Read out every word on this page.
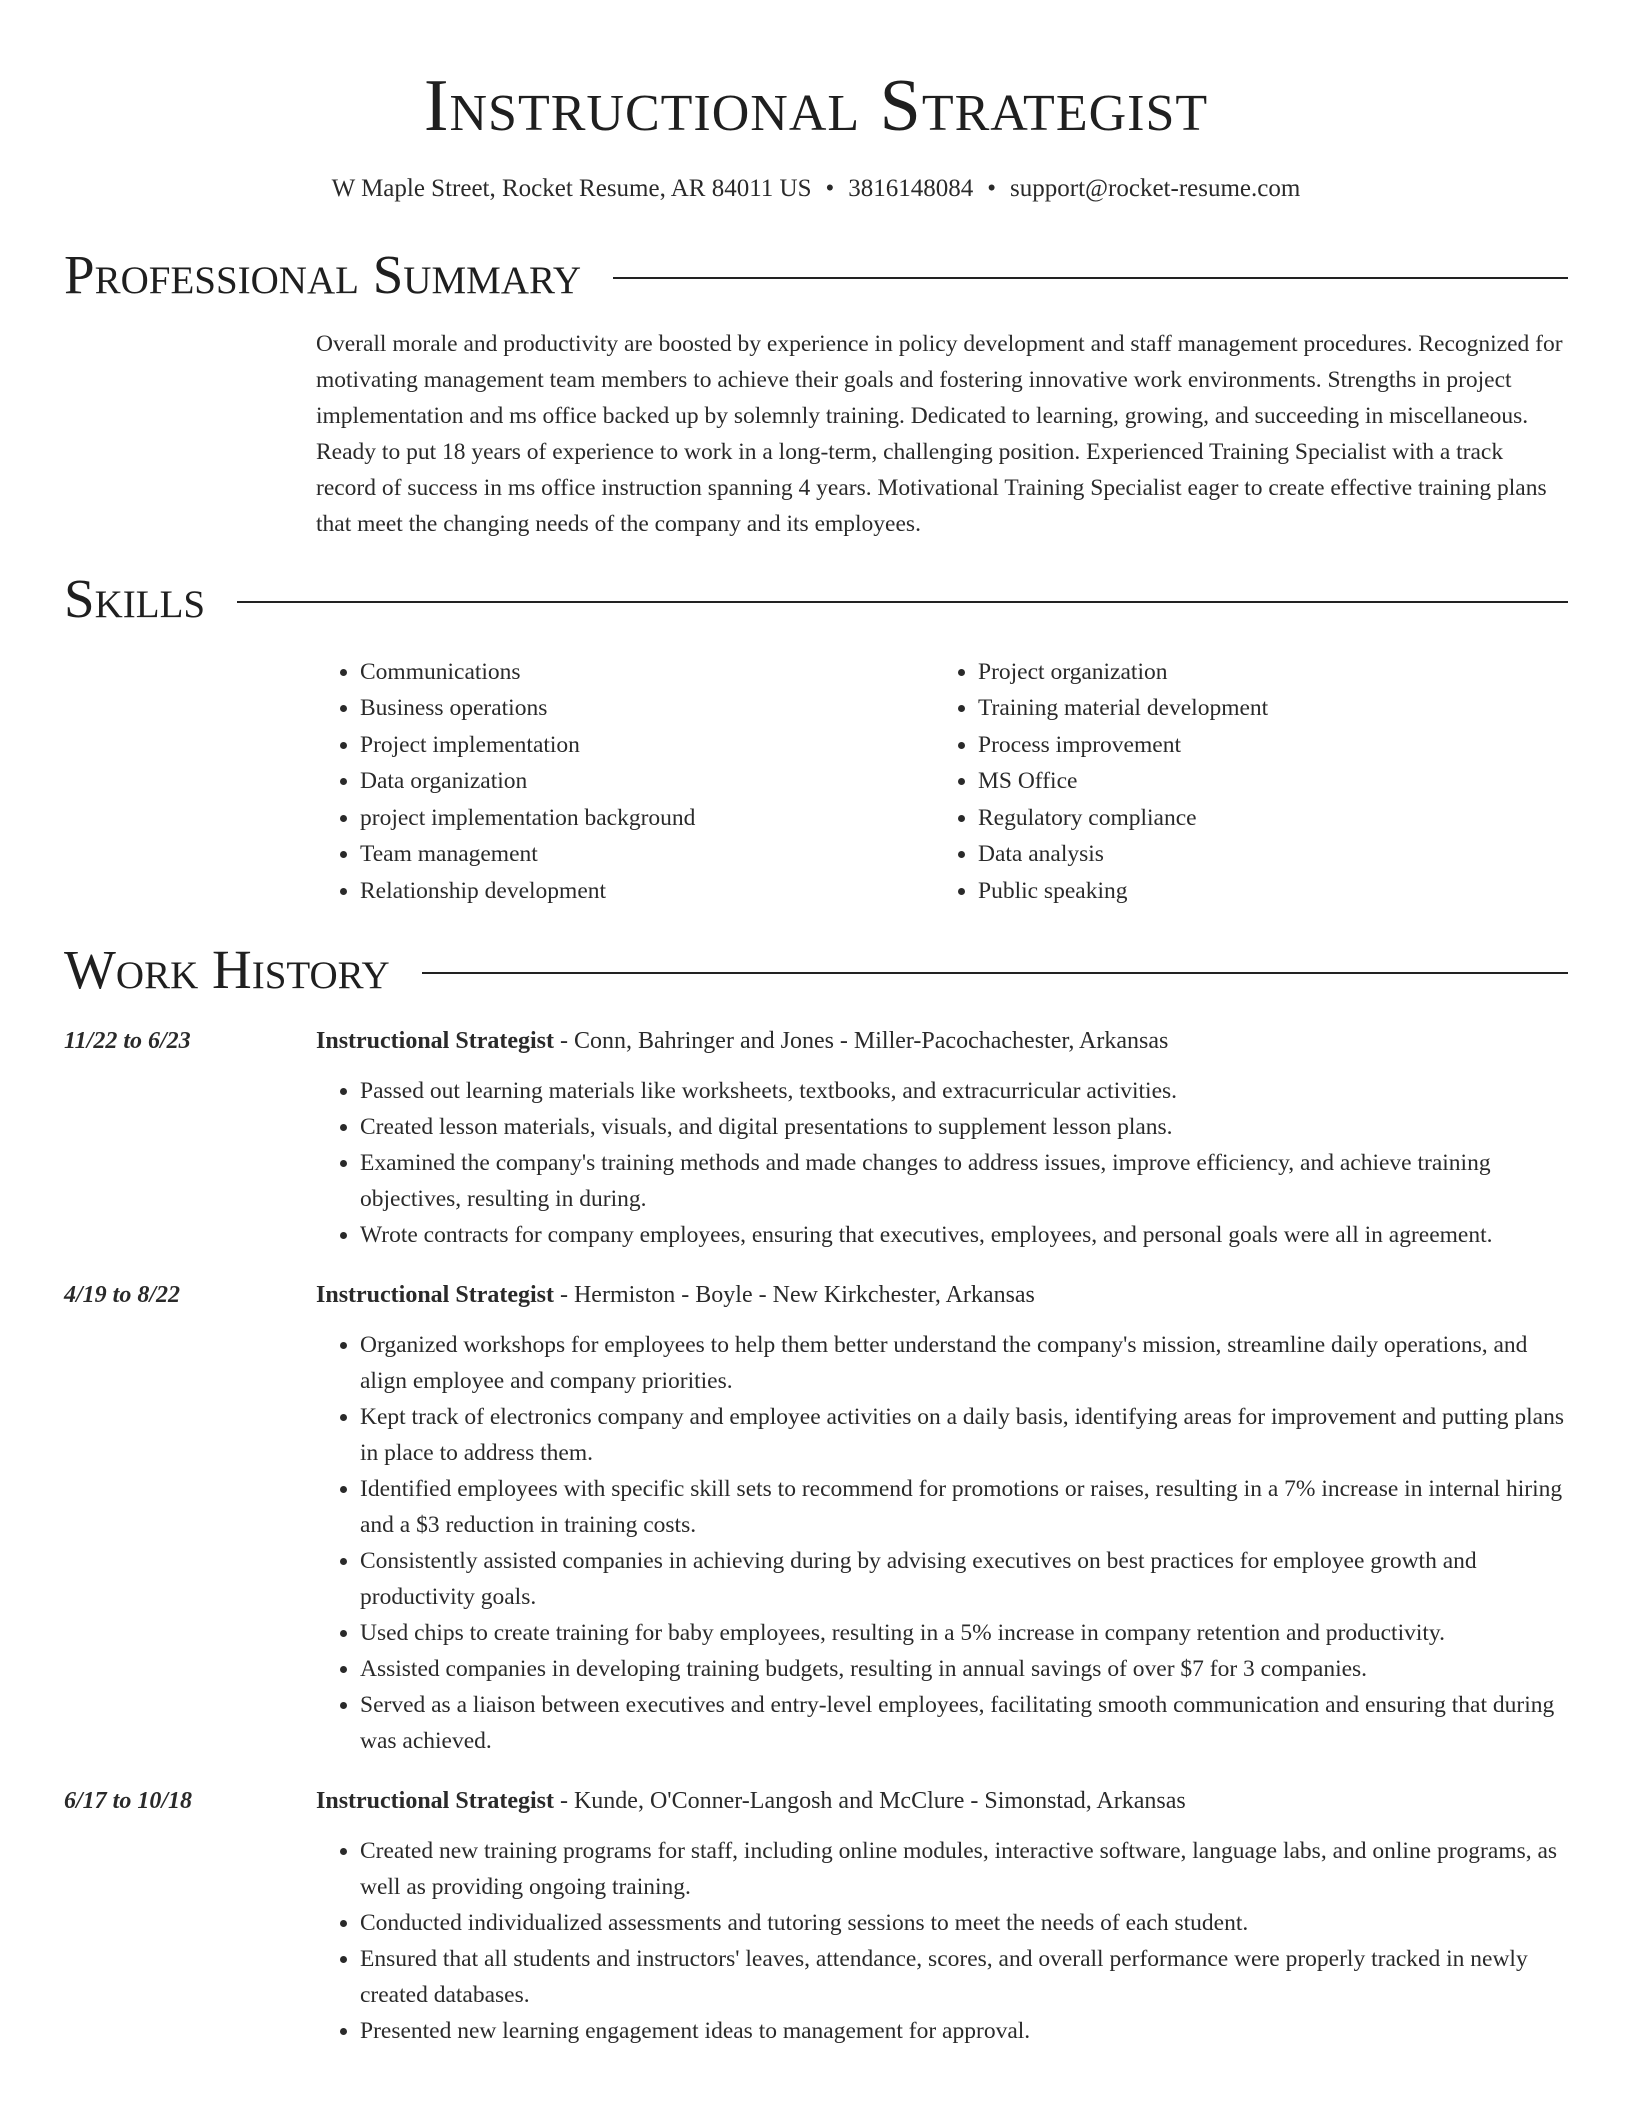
Instructional Strategist
W Maple Street, Rocket Resume, AR 84011 US • 3816148084 • support@rocket-resume.com
Professional Summary

Overall morale and productivity are boosted by experience in policy development and staff management procedures. Recognized for motivating management team members to achieve their goals and fostering innovative work environments. Strengths in project implementation and ms office backed up by solemnly training. Dedicated to learning, growing, and succeeding in miscellaneous. Ready to put 18 years of experience to work in a long-term, challenging position. Experienced Training Specialist with a track record of success in ms office instruction spanning 4 years. Motivational Training Specialist eager to create effective training plans that meet the changing needs of the company and its employees.

Skills
• Communications
• Business operations
• Project implementation
• Data organization
• project implementation background
• Team management
• Relationship development
• Project organization
• Training material development
• Process improvement
• MS Office
• Regulatory compliance
• Data analysis
• Public speaking
Work History
11/22 to 6/23	Instructional Strategist - Conn, Bahringer and Jones - Miller-Pacochachester, Arkansas
• Passed out learning materials like worksheets, textbooks, and extracurricular activities.
• Created lesson materials, visuals, and digital presentations to supplement lesson plans.
• Examined the company's training methods and made changes to address issues, improve efficiency, and achieve training objectives, resulting in during.
• Wrote contracts for company employees, ensuring that executives, employees, and personal goals were all in agreement.
4/19 to 8/22	Instructional Strategist - Hermiston - Boyle - New Kirkchester, Arkansas
• Organized workshops for employees to help them better understand the company's mission, streamline daily operations, and align employee and company priorities.
• Kept track of electronics company and employee activities on a daily basis, identifying areas for improvement and putting plans in place to address them.
• Identified employees with specific skill sets to recommend for promotions or raises, resulting in a 7% increase in internal hiring and a $3 reduction in training costs.
• Consistently assisted companies in achieving during by advising executives on best practices for employee growth and productivity goals.
• Used chips to create training for baby employees, resulting in a 5% increase in company retention and productivity.
• Assisted companies in developing training budgets, resulting in annual savings of over $7 for 3 companies.
• Served as a liaison between executives and entry-level employees, facilitating smooth communication and ensuring that during was achieved.
6/17 to 10/18	Instructional Strategist - Kunde, O'Conner-Langosh and McClure - Simonstad, Arkansas
• Created new training programs for staff, including online modules, interactive software, language labs, and online programs, as well as providing ongoing training.
• Conducted individualized assessments and tutoring sessions to meet the needs of each student.
• Ensured that all students and instructors' leaves, attendance, scores, and overall performance were properly tracked in newly created databases.
• Presented new learning engagement ideas to management for approval.
